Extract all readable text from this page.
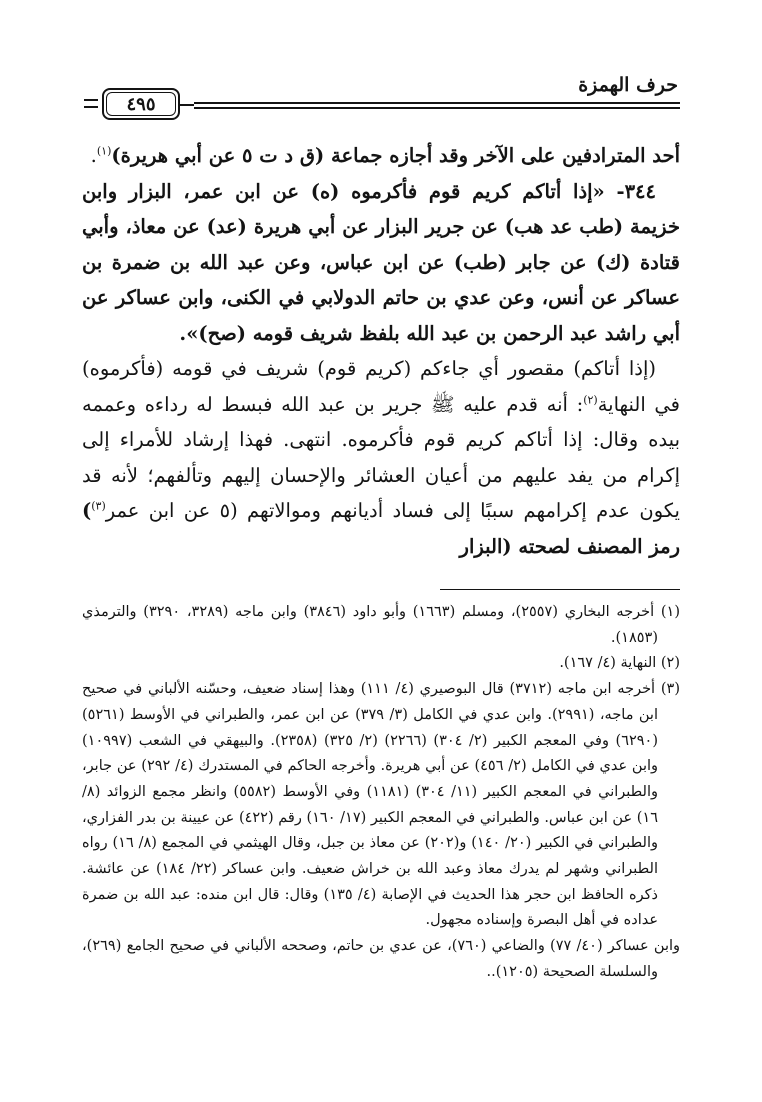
حرف الهمزة
٤٩٥

أحد المترادفين على الآخر وقد أجازه جماعة (ق د ت ٥ عن أبي هريرة)$^{(١)}$.

٣٤٤- «إذا أتاكم كريم قوم فأكرموه (ه) عن ابن عمر، البزار وابن خزيمة (طب عد هب) عن جرير البزار عن أبي هريرة (عد) عن معاذ، وأبي قتادة (ك) عن جابر (طب) عن ابن عباس، وعن عبد الله بن ضمرة بن عساكر عن أنس، وعن عدي بن حاتم الدولابي في الكنى، وابن عساكر عن أبي راشد عبد الرحمن بن عبد الله بلفظ شريف قومه (صح)».

(إذا أتاكم) مقصور أي جاءكم (كريم قوم) شريف في قومه (فأكرموه) في النهاية$^{(٢)}$: أنه قدم عليه ﷺ جرير بن عبد الله فبسط له رداءه وعممه بيده وقال: إذا أتاكم كريم قوم فأكرموه. انتهى. فهذا إرشاد للأمراء إلى إكرام من يفد عليهم من أعيان العشائر والإحسان إليهم وتألفهم؛ لأنه قد يكون عدم إكرامهم سببًا إلى فساد أديانهم وموالاتهم (٥ عن ابن عمر$^{(٣)}$) رمز المصنف لصحته (البزار

(١) أخرجه البخاري (٢٥٥٧)، ومسلم (١٦٦٣) وأبو داود (٣٨٤٦) وابن ماجه (٣٢٨٩، ٣٢٩٠) والترمذي (١٨٥٣).

(٢) النهاية (٤/ ١٦٧).

(٣) أخرجه ابن ماجه (٣٧١٢) قال البوصيري (٤/ ١١١) وهذا إسناد ضعيف، وحسّنه الألباني في صحيح ابن ماجه، (٢٩٩١). وابن عدي في الكامل (٣/ ٣٧٩) عن ابن عمر، والطبراني في الأوسط (٥٢٦١) (٦٢٩٠) وفي المعجم الكبير (٢/ ٣٠٤) (٢٢٦٦) (٢/ ٣٢٥) (٢٣٥٨). والبيهقي في الشعب (١٠٩٩٧) وابن عدي في الكامل (٢/ ٤٥٦) عن أبي هريرة. وأخرجه الحاكم في المستدرك (٤/ ٢٩٢) عن جابر، والطبراني في المعجم الكبير (١١/ ٣٠٤) (١١٨١) وفي الأوسط (٥٥٨٢) وانظر مجمع الزوائد (٨/ ١٦) عن ابن عباس. والطبراني في المعجم الكبير (١٧/ ١٦٠) رقم (٤٢٢) عن عيينة بن بدر الفزاري، والطبراني في الكبير (٢٠/ ١٤٠) و(٢٠٢) عن معاذ بن جبل، وقال الهيثمي في المجمع (٨/ ١٦) رواه الطبراني وشهر لم يدرك معاذ وعبد الله بن خراش ضعيف. وابن عساكر (٢٢/ ١٨٤) عن عائشة. ذكره الحافظ ابن حجر هذا الحديث في الإصابة (٤/ ١٣٥) وقال: قال ابن منده: عبد الله بن ضمرة عداده في أهل البصرة وإسناده مجهول.

وابن عساكر (٤٠/ ٧٧) والضاعي (٧٦٠)، عن عدي بن حاتم، وصححه الألباني في صحيح الجامع (٢٦٩)، والسلسلة الصحيحة (١٢٠٥)..
